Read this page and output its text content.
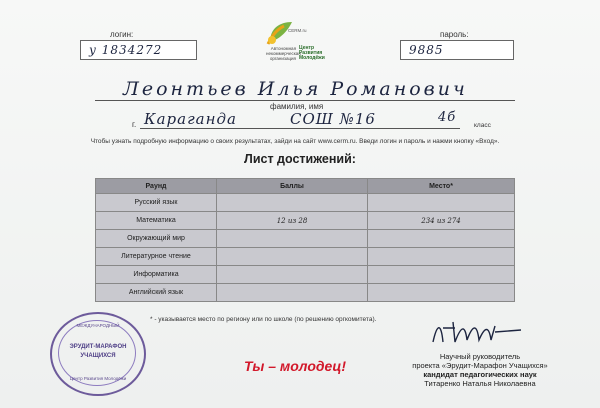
логин:
у 1834272
CERM.ru
Автономная
некоммерческая
организация
Центр
Развития
Молодёжи
пароль:
9885
Леонтьев Илья Романович
фамилия, имя
г. Караганда	СОШ №16	4б
класс
Чтобы узнать подробную информацию о своих результатах, зайди на сайт www.cerm.ru. Введи логин и пароль и нажми кнопку «Вход».
Лист достижений:
Раунд	Баллы	Место*
Русский язык		
Математика	12 из 28	234 из 274
Окружающий мир		
Литературное чтение		
Информатика		
Английский язык		
* - указывается место по региону или по школе (по решению оргкомитета).
МЕЖДУНАРОДНЫЙ
ЭРУДИТ-МАРАФОН
УЧАЩИХСЯ
Центр Развития Молодёжи
Ты – молодец!
Научный руководитель
проекта «Эрудит-Марафон Учащихся»
кандидат педагогических наук
Титаренко Наталья Николаевна
